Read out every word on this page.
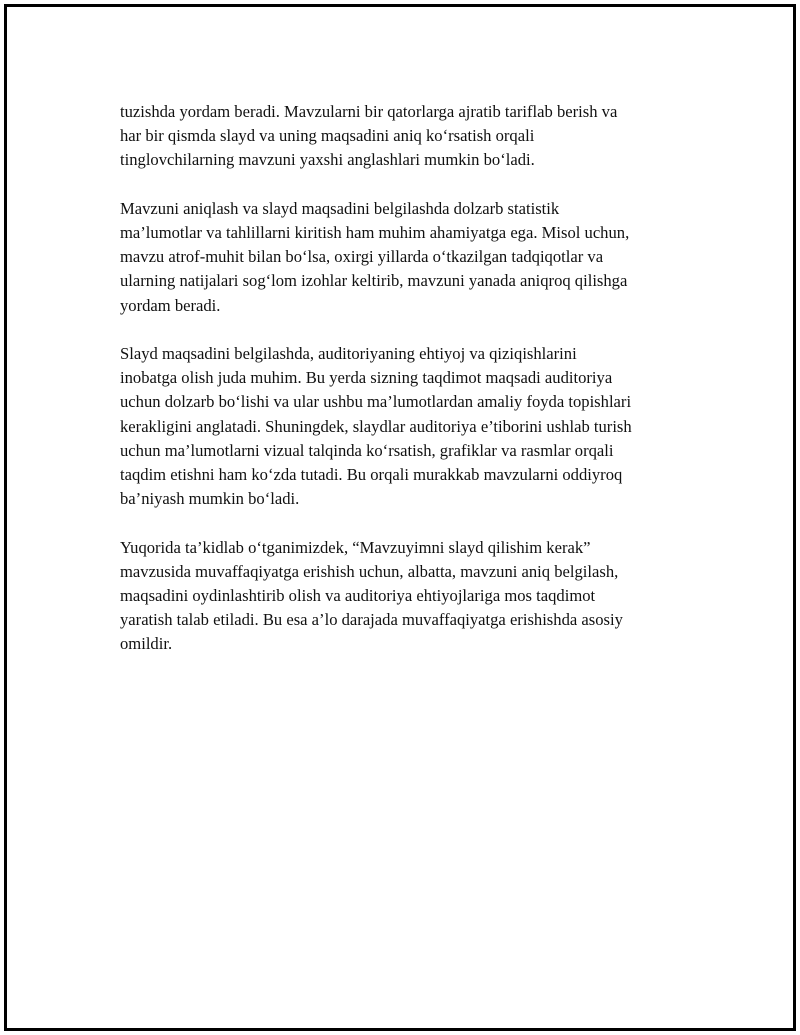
tuzishda yordam beradi. Mavzularni bir qatorlarga ajratib tariflab berish va
har bir qismda slayd va uning maqsadini aniq ko‘rsatish orqali
tinglovchilarning mavzuni yaxshi anglashlari mumkin bo‘ladi.

Mavzuni aniqlash va slayd maqsadini belgilashda dolzarb statistik
ma’lumotlar va tahlillarni kiritish ham muhim ahamiyatga ega. Misol uchun,
mavzu atrof-muhit bilan bo‘lsa, oxirgi yillarda o‘tkazilgan tadqiqotlar va
ularning natijalari sog‘lom izohlar keltirib, mavzuni yanada aniqroq qilishga
yordam beradi.

Slayd maqsadini belgilashda, auditoriyaning ehtiyoj va qiziqishlarini
inobatga olish juda muhim. Bu yerda sizning taqdimot maqsadi auditoriya
uchun dolzarb bo‘lishi va ular ushbu ma’lumotlardan amaliy foyda topishlari
kerakligini anglatadi. Shuningdek, slaydlar auditoriya e’tiborini ushlab turish
uchun ma’lumotlarni vizual talqinda ko‘rsatish, grafiklar va rasmlar orqali
taqdim etishni ham ko‘zda tutadi. Bu orqali murakkab mavzularni oddiyroq
ba’niyash mumkin bo‘ladi.

Yuqorida ta’kidlab o‘tganimizdek, “Mavzuyimni slayd qilishim kerak”
mavzusida muvaffaqiyatga erishish uchun, albatta, mavzuni aniq belgilash,
maqsadini oydinlashtirib olish va auditoriya ehtiyojlariga mos taqdimot
yaratish talab etiladi. Bu esa a’lo darajada muvaffaqiyatga erishishda asosiy
omildir.
